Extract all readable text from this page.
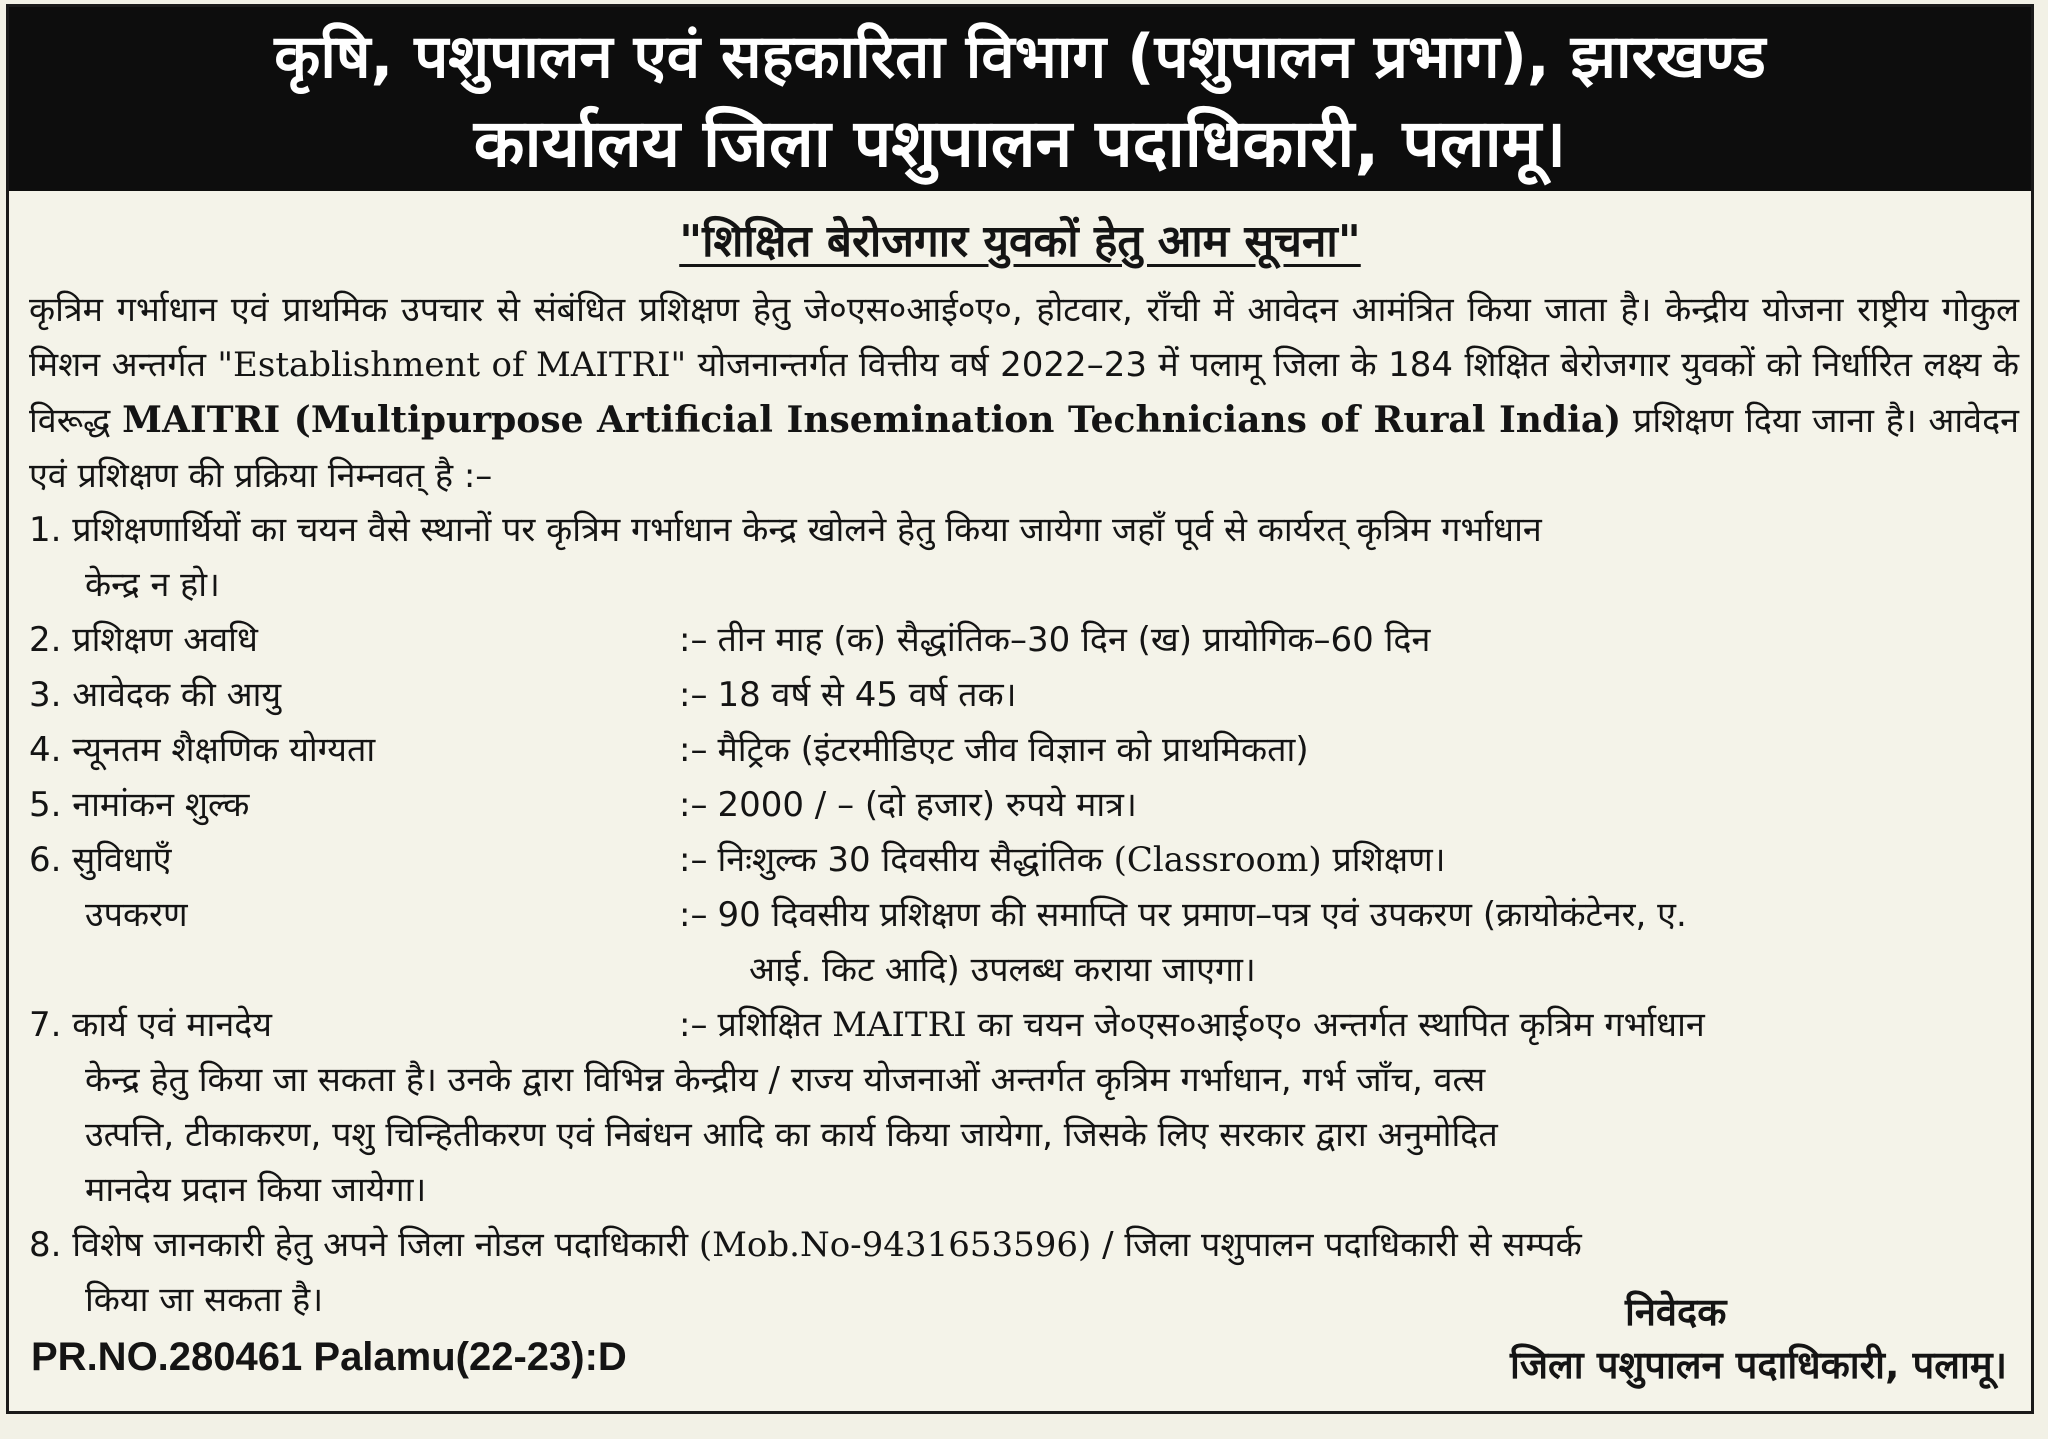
कृषि, पशुपालन एवं सहकारिता विभाग (पशुपालन प्रभाग), झारखण्ड
कार्यालय जिला पशुपालन पदाधिकारी, पलामू।
"शिक्षित बेरोजगार युवकों हेतु आम सूचना"
कृत्रिम गर्भाधान एवं प्राथमिक उपचार से संबंधित प्रशिक्षण हेतु जे०एस०आई०ए०, होटवार, राँची में आवेदन आमंत्रित किया जाता है। केन्द्रीय योजना राष्ट्रीय गोकुल मिशन अन्तर्गत "Establishment of MAITRI" योजनान्तर्गत वित्तीय वर्ष 2022–23 में पलामू जिला के 184 शिक्षित बेरोजगार युवकों को निर्धारित लक्ष्य के विरूद्ध MAITRI (Multipurpose Artificial Insemination Technicians of Rural India) प्रशिक्षण दिया जाना है। आवेदन एवं प्रशिक्षण की प्रक्रिया निम्नवत् है :–
1. प्रशिक्षणार्थियों का चयन वैसे स्थानों पर कृत्रिम गर्भाधान केन्द्र खोलने हेतु किया जायेगा जहाँ पूर्व से कार्यरत् कृत्रिम गर्भाधान
केन्द्र न हो।
2. प्रशिक्षण अवधि	:– तीन माह (क) सैद्धांतिक–30 दिन (ख) प्रायोगिक–60 दिन
3. आवेदक की आयु	:– 18 वर्ष से 45 वर्ष तक।
4. न्यूनतम शैक्षणिक योग्यता	:– मैट्रिक (इंटरमीडिएट जीव विज्ञान को प्राथमिकता)
5. नामांकन शुल्क	:– 2000 / – (दो हजार) रुपये मात्र।
6. सुविधाएँ	:– निःशुल्क 30 दिवसीय सैद्धांतिक (Classroom) प्रशिक्षण।
उपकरण	:– 90 दिवसीय प्रशिक्षण की समाप्ति पर प्रमाण–पत्र एवं उपकरण (क्रायोकंटेनर, ए.
आई. किट आदि) उपलब्ध कराया जाएगा।
7. कार्य एवं मानदेय	:– प्रशिक्षित MAITRI का चयन जे०एस०आई०ए० अन्तर्गत स्थापित कृत्रिम गर्भाधान
केन्द्र हेतु किया जा सकता है। उनके द्वारा विभिन्न केन्द्रीय / राज्य योजनाओं अन्तर्गत कृत्रिम गर्भाधान, गर्भ जाँच, वत्स
उत्पत्ति, टीकाकरण, पशु चिन्हितीकरण एवं निबंधन आदि का कार्य किया जायेगा, जिसके लिए सरकार द्वारा अनुमोदित
मानदेय प्रदान किया जायेगा।
8. विशेष जानकारी हेतु अपने जिला नोडल पदाधिकारी (Mob.No-9431653596) / जिला पशुपालन पदाधिकारी से सम्पर्क
किया जा सकता है।
PR.NO.280461 Palamu(22-23):D
निवेदक
जिला पशुपालन पदाधिकारी, पलामू।
